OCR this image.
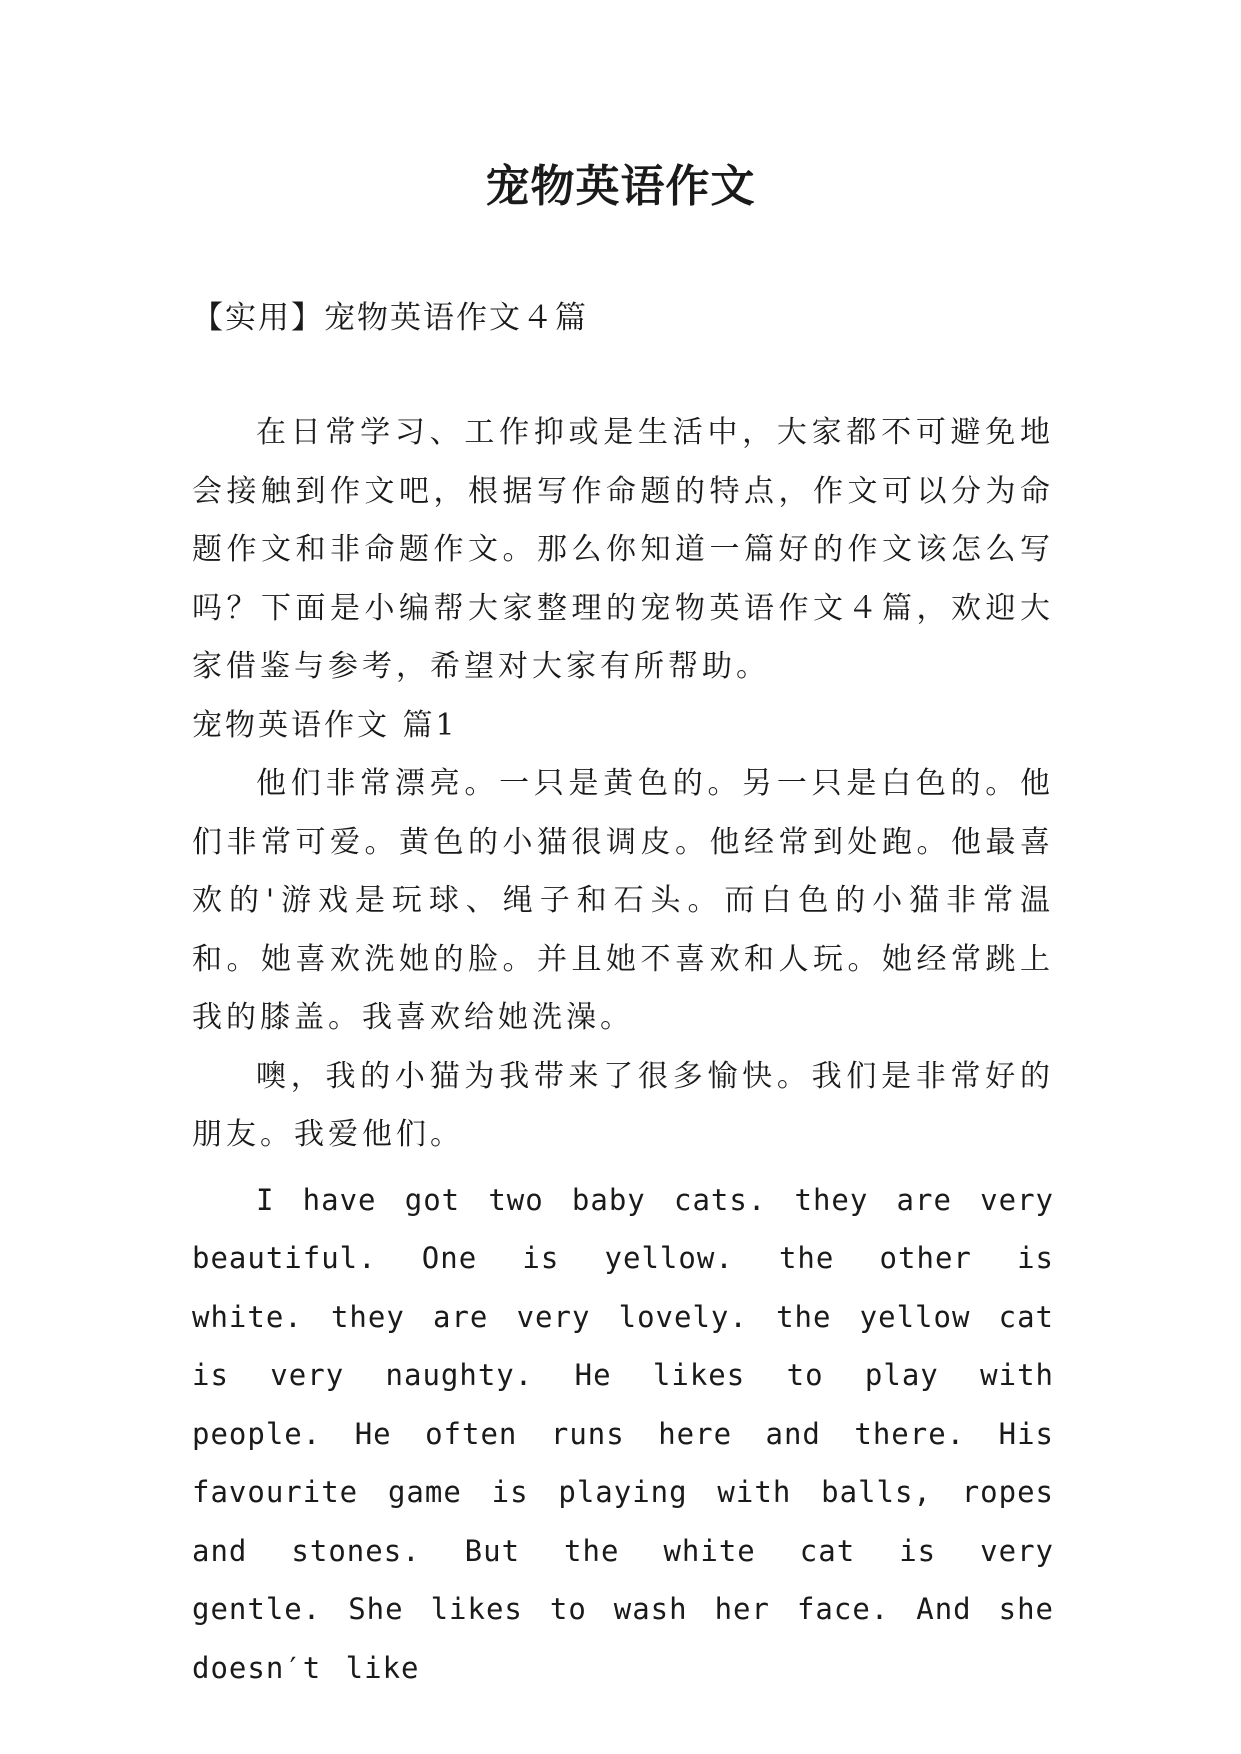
宠物英语作文
【实用】宠物英语作文４篇

在日常学习、工作抑或是生活中，大家都不可避免地会接触到作文吧，根据写作命题的特点，作文可以分为命题作文和非命题作文。那么你知道一篇好的作文该怎么写吗？下面是小编帮大家整理的宠物英语作文４篇，欢迎大家借鉴与参考，希望对大家有所帮助。

宠物英语作文 篇1

他们非常漂亮。一只是黄色的。另一只是白色的。他们非常可爱。黄色的小猫很调皮。他经常到处跑。他最喜欢的'游戏是玩球、绳子和石头。而白色的小猫非常温和。她喜欢洗她的脸。并且她不喜欢和人玩。她经常跳上我的膝盖。我喜欢给她洗澡。

噢，我的小猫为我带来了很多愉快。我们是非常好的朋友。我爱他们。

I have got two baby cats. they are very beautiful. One is yellow. the other is white. they are very lovely. the yellow cat is very naughty. He likes to play with people. He often runs here and there. His favourite game is playing with balls, ropes and stones. But the white cat is very gentle. She likes to wash her face. And she doesn′t like
